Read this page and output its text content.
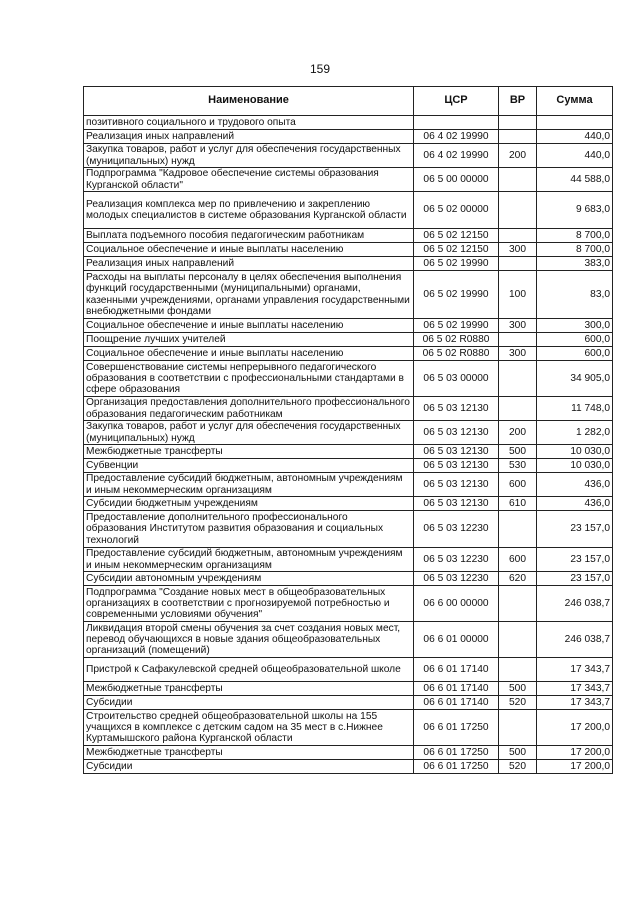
159
Наименование	ЦСР	ВР	Сумма
позитивного социального и трудового опыта			
Реализация иных направлений	06 4 02 19990		440,0
Закупка товаров, работ и услуг для обеспечения государственных (муниципальных) нужд	06 4 02 19990	200	440,0
Подпрограмма "Кадровое обеспечение системы образования Курганской области"	06 5 00 00000		44 588,0
Реализация комплекса мер по привлечению и закреплению молодых специалистов в системе образования Курганской области	06 5 02 00000		9 683,0
Выплата подъемного пособия педагогическим работникам	06 5 02 12150		8 700,0
Социальное обеспечение и иные выплаты населению	06 5 02 12150	300	8 700,0
Реализация иных направлений	06 5 02 19990		383,0
Расходы на выплаты персоналу в целях обеспечения выполнения функций государственными (муниципальными) органами, казенными учреждениями, органами управления государственными внебюджетными фондами	06 5 02 19990	100	83,0
Социальное обеспечение и иные выплаты населению	06 5 02 19990	300	300,0
Поощрение лучших учителей	06 5 02 R0880		600,0
Социальное обеспечение и иные выплаты населению	06 5 02 R0880	300	600,0
Совершенствование системы непрерывного педагогического образования в соответствии с профессиональными стандартами в сфере образования	06 5 03 00000		34 905,0
Организация предоставления дополнительного профессионального образования педагогическим работникам	06 5 03 12130		11 748,0
Закупка товаров, работ и услуг для обеспечения государственных (муниципальных) нужд	06 5 03 12130	200	1 282,0
Межбюджетные трансферты	06 5 03 12130	500	10 030,0
Субвенции	06 5 03 12130	530	10 030,0
Предоставление субсидий бюджетным, автономным учреждениям и иным некоммерческим организациям	06 5 03 12130	600	436,0
Субсидии бюджетным учреждениям	06 5 03 12130	610	436,0
Предоставление дополнительного профессионального образования Институтом развития образования и социальных технологий	06 5 03 12230		23 157,0
Предоставление субсидий бюджетным, автономным учреждениям и иным некоммерческим организациям	06 5 03 12230	600	23 157,0
Субсидии автономным учреждениям	06 5 03 12230	620	23 157,0
Подпрограмма "Создание новых мест в общеобразовательных организациях в соответствии с прогнозируемой потребностью и современными условиями обучения"	06 6 00 00000		246 038,7
Ликвидация второй смены обучения за счет создания новых мест, перевод обучающихся в новые здания общеобразовательных организаций (помещений)	06 6 01 00000		246 038,7
Пристрой к Сафакулевской средней общеобразовательной школе	06 6 01 17140		17 343,7
Межбюджетные трансферты	06 6 01 17140	500	17 343,7
Субсидии	06 6 01 17140	520	17 343,7
Строительство средней общеобразовательной школы на 155 учащихся в комплексе с детским садом на 35 мест в с.Нижнее Куртамышского района Курганской области	06 6 01 17250		17 200,0
Межбюджетные трансферты	06 6 01 17250	500	17 200,0
Субсидии	06 6 01 17250	520	17 200,0
